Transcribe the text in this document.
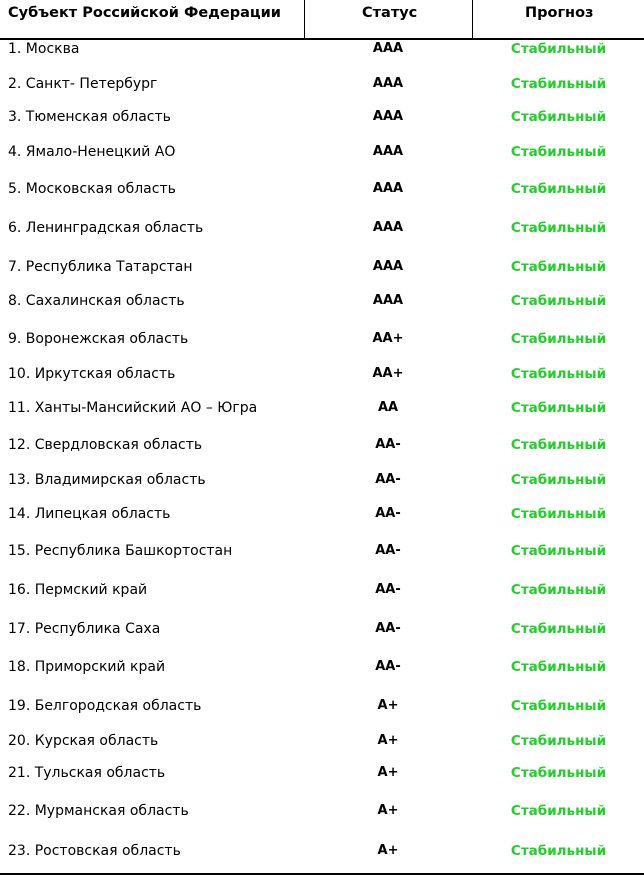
Субъект Российской Федерации	Статус	Прогноз
1. Москва	AAA	Стабильный
2. Санкт- Петербург	AAA	Стабильный
3. Тюменская область	AAA	Стабильный
4. Ямало-Ненецкий АО	AAA	Стабильный
5. Московская область	AAA	Стабильный
6. Ленинградская область	AAA	Стабильный
7. Республика Татарстан	AAA	Стабильный
8. Сахалинская область	AAA	Стабильный
9. Воронежская область	AA+	Стабильный
10. Иркутская область	AA+	Стабильный
11. Ханты-Мансийский АО – Югра	AA	Стабильный
12. Свердловская область	AA-	Стабильный
13. Владимирская область	AA-	Стабильный
14. Липецкая область	AA-	Стабильный
15. Республика Башкортостан	AA-	Стабильный
16. Пермский край	AA-	Стабильный
17. Республика Саха	AA-	Стабильный
18. Приморский край	AA-	Стабильный
19. Белгородская область	A+	Стабильный
20. Курская область	A+	Стабильный
21. Тульская область	A+	Стабильный
22. Мурманская область	A+	Стабильный
23. Ростовская область	A+	Стабильный
